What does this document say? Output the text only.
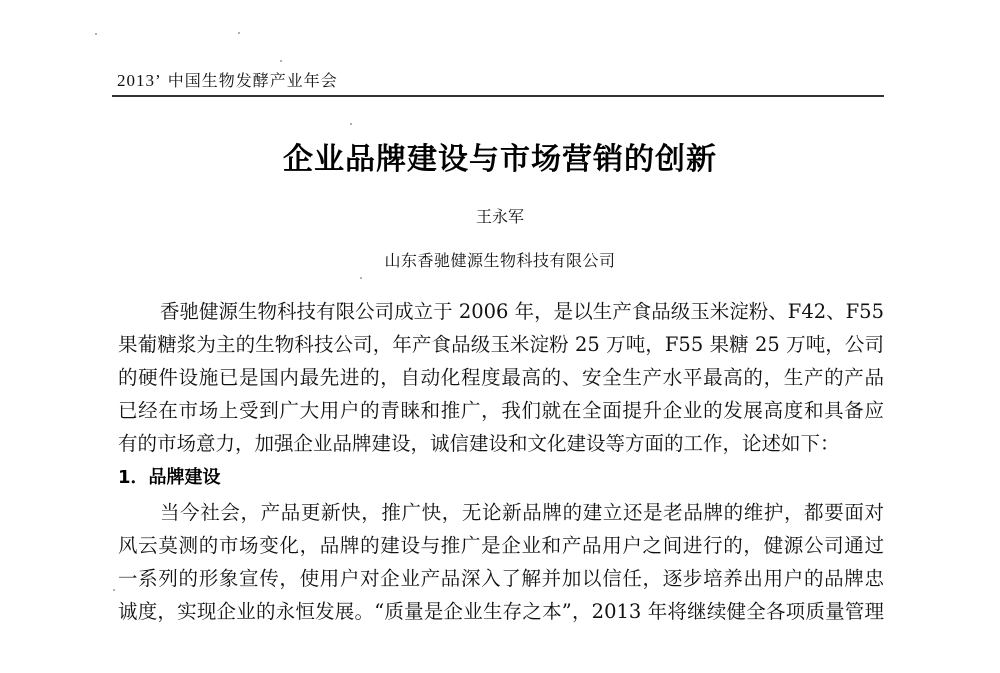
2013’ 中国生物发酵产业年会
企业品牌建设与市场营销的创新
王永军
山东香驰健源生物科技有限公司
香驰健源生物科技有限公司成立于 2006 年，是以生产食品级玉米淀粉、F42、F55
果葡糖浆为主的生物科技公司，年产食品级玉米淀粉 25 万吨，F55 果糖 25 万吨，公司
的硬件设施已是国内最先进的，自动化程度最高的、安全生产水平最高的，生产的产品
已经在市场上受到广大用户的青睐和推广，我们就在全面提升企业的发展高度和具备应
有的市场意力，加强企业品牌建设，诚信建设和文化建设等方面的工作，论述如下：
1．品牌建设
当今社会，产品更新快，推广快，无论新品牌的建立还是老品牌的维护，都要面对
风云莫测的市场变化，品牌的建设与推广是企业和产品用户之间进行的，健源公司通过
一系列的形象宣传，使用户对企业产品深入了解并加以信任，逐步培养出用户的品牌忠
诚度，实现企业的永恒发展。“质量是企业生存之本”，2013 年将继续健全各项质量管理
